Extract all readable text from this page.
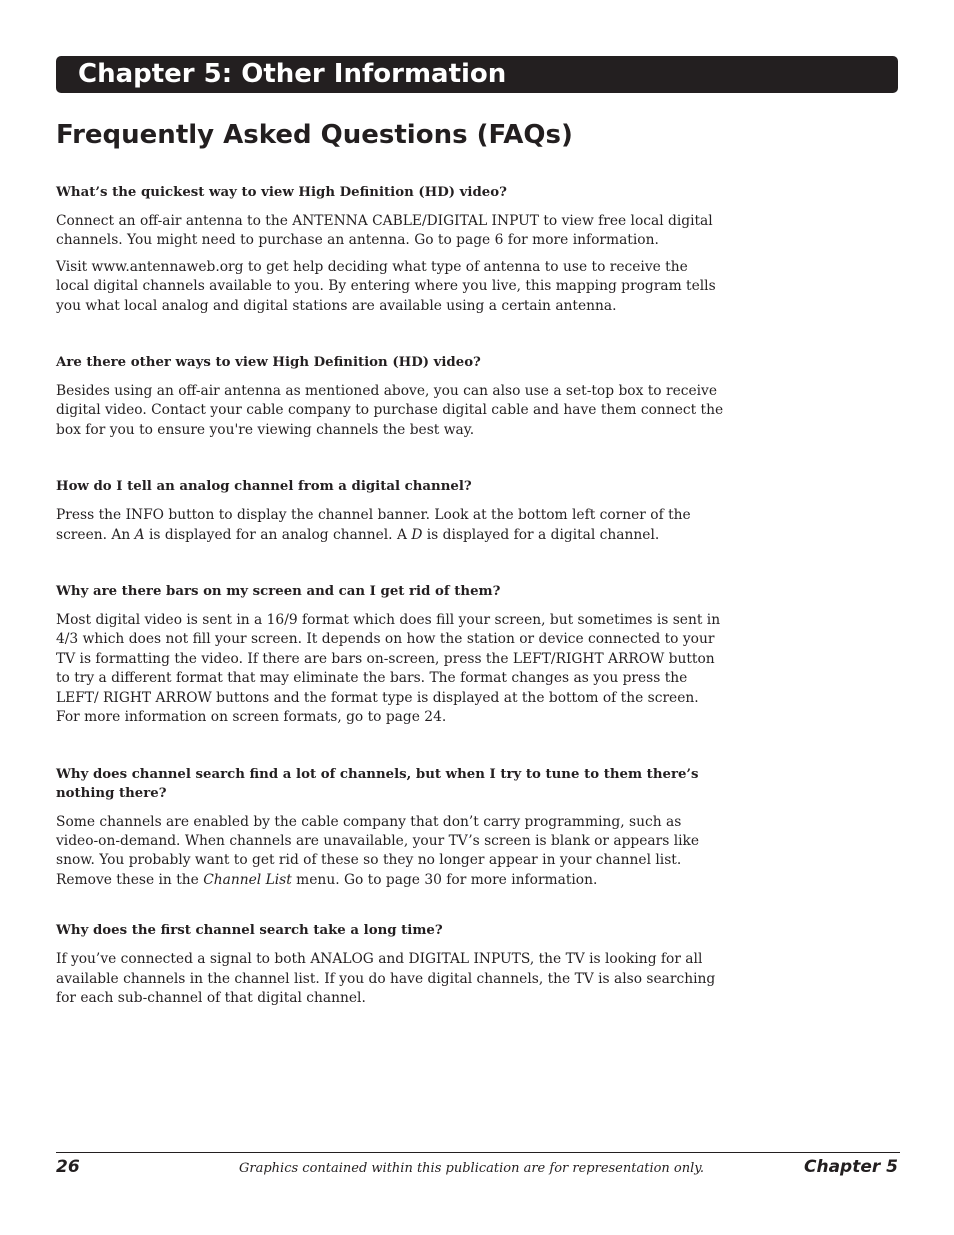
Chapter 5: Other Information
Frequently Asked Questions (FAQs)

What’s the quickest way to view High Definition (HD) video?

Connect an off-air antenna to the ANTENNA CABLE/DIGITAL INPUT to view free local digital channels. You might need to purchase an antenna. Go to page 6 for more information.

Visit www.antennaweb.org to get help deciding what type of antenna to use to receive the local digital channels available to you. By entering where you live, this mapping program tells you what local analog and digital stations are available using a certain antenna.

Are there other ways to view High Definition (HD) video?

Besides using an off-air antenna as mentioned above, you can also use a set-top box to receive digital video. Contact your cable company to purchase digital cable and have them connect the box for you to ensure you're viewing channels the best way.

How do I tell an analog channel from a digital channel?

Press the INFO button to display the channel banner. Look at the bottom left corner of the screen. An A is displayed for an analog channel. A D is displayed for a digital channel.

Why are there bars on my screen and can I get rid of them?

Most digital video is sent in a 16/9 format which does fill your screen, but sometimes is sent in 4/3 which does not fill your screen. It depends on how the station or device connected to your TV is formatting the video. If there are bars on-screen, press the LEFT/RIGHT ARROW button to try a different format that may eliminate the bars. The format changes as you press the LEFT/ RIGHT ARROW buttons and the format type is displayed at the bottom of the screen. For more information on screen formats, go to page 24.

Why does channel search find a lot of channels, but when I try to tune to them there’s nothing there?

Some channels are enabled by the cable company that don’t carry programming, such as video-on-demand. When channels are unavailable, your TV’s screen is blank or appears like snow. You probably want to get rid of these so they no longer appear in your channel list. Remove these in the Channel List menu. Go to page 30 for more information.

Why does the first channel search take a long time?

If you’ve connected a signal to both ANALOG and DIGITAL INPUTS, the TV is looking for all available channels in the channel list. If you do have digital channels, the TV is also searching for each sub-channel of that digital channel.

26	Graphics contained within this publication are for representation only.	Chapter 5
